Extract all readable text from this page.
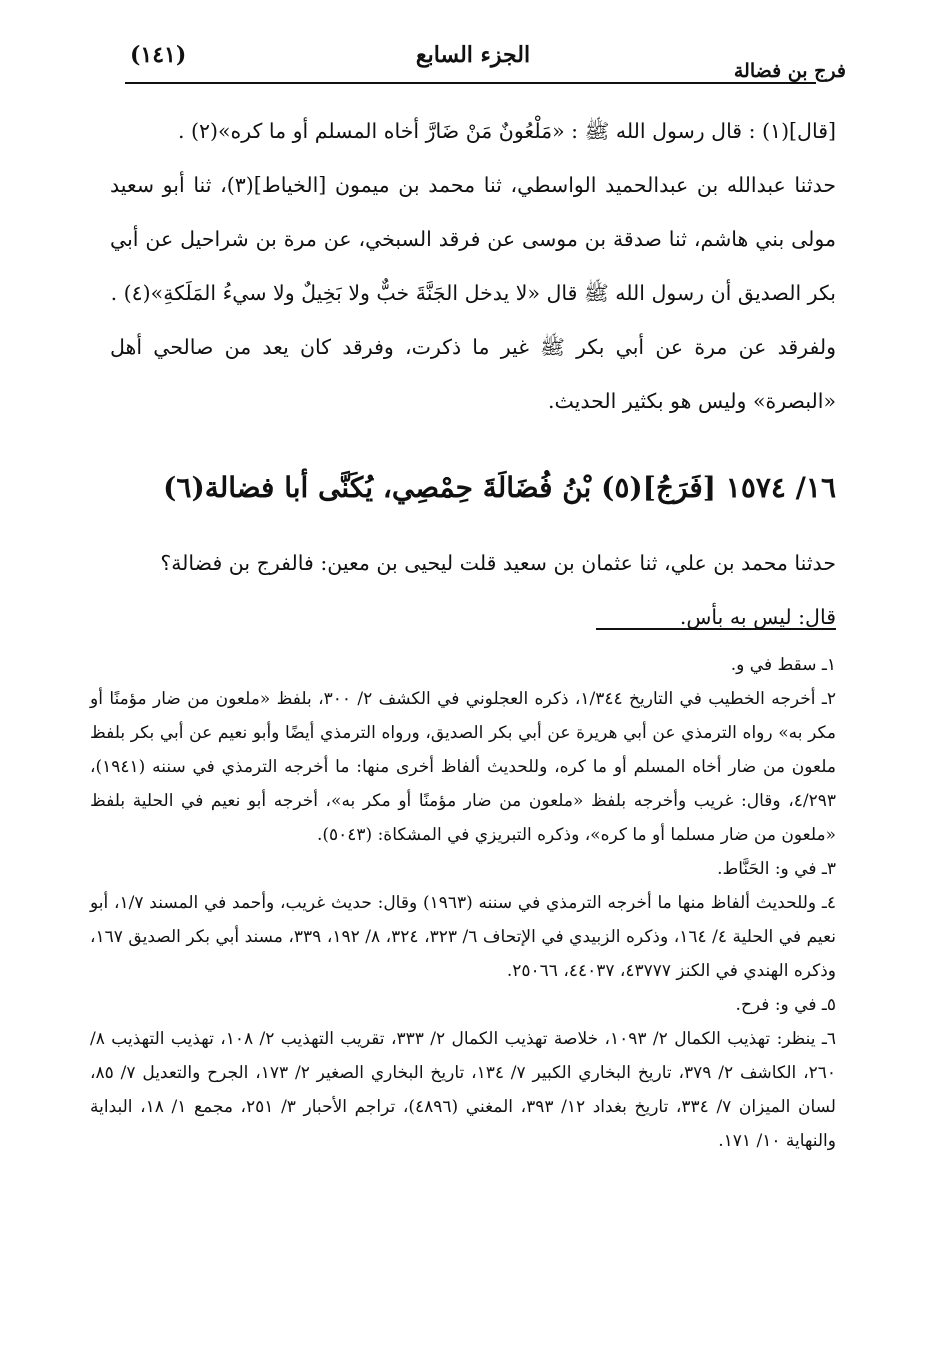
فرج بن فضالة
الجزء السابع
(١٤١)

[قال](١) : قال رسول الله ﷺ : «مَلْعُونٌ مَنْ ضَارَّ أخاه المسلم أو ما كره»(٢) .

حدثنا عبدالله بن عبدالحميد الواسطي، ثنا محمد بن ميمون [الخياط](٣)، ثنا أبو سعيد مولى بني هاشم، ثنا صدقة بن موسى عن فرقد السبخي، عن مرة بن شراحيل عن أبي بكر الصديق أن رسول الله ﷺ قال «لا يدخل الجَنَّةَ خبٌّ ولا بَخِيلٌ ولا سيءُ المَلَكةِ»(٤) .

ولفرقد عن مرة عن أبي بكر ﷺ غير ما ذكرت، وفرقد كان يعد من صالحي أهل «البصرة» وليس هو بكثير الحديث.

١٦/ ١٥٧٤ [فَرَجُ](٥) بْنُ فُضَالَةَ حِمْصِي، يُكَنَّى أبا فضالة(٦)

حدثنا محمد بن علي، ثنا عثمان بن سعيد قلت ليحيى بن معين: فالفرج بن فضالة؟

قال: ليس به بأس.

١ـ سقط في و.

٢ـ أخرجه الخطيب في التاريخ ١/٣٤٤، ذكره العجلوني في الكشف ٢/ ٣٠٠، بلفظ «ملعون من ضار مؤمنًا أو مكر به» رواه الترمذي عن أبي هريرة عن أبي بكر الصديق، ورواه الترمذي أيضًا وأبو نعيم عن أبي بكر بلفظ ملعون من ضار أخاه المسلم أو ما كره، وللحديث ألفاظ أخرى منها: ما أخرجه الترمذي في سننه (١٩٤١)، ٤/٢٩٣، وقال: غريب وأخرجه بلفظ «ملعون من ضار مؤمنًا أو مكر به»، أخرجه أبو نعيم في الحلية بلفظ «ملعون من ضار مسلما أو ما كره»، وذكره التبريزي في المشكاة: (٥٠٤٣).

٣ـ في و: الحَنَّاط.

٤ـ وللحديث ألفاظ منها ما أخرجه الترمذي في سننه (١٩٦٣) وقال: حديث غريب، وأحمد في المسند ١/٧، أبو نعيم في الحلية ٤/ ١٦٤، وذكره الزبيدي في الإتحاف ٦/ ٣٢٣، ٣٢٤، ٨/ ١٩٢، ٣٣٩، مسند أبي بكر الصديق ١٦٧، وذكره الهندي في الكنز ٤٣٧٧٧، ٤٤٠٣٧، ٢٥٠٦٦.

٥ـ في و: فرح.

٦ـ ينظر: تهذيب الكمال ٢/ ١٠٩٣، خلاصة تهذيب الكمال ٢/ ٣٣٣، تقريب التهذيب ٢/ ١٠٨، تهذيب التهذيب ٨/ ٢٦٠، الكاشف ٢/ ٣٧٩، تاريخ البخاري الكبير ٧/ ١٣٤، تاريخ البخاري الصغير ٢/ ١٧٣، الجرح والتعديل ٧/ ٨٥، لسان الميزان ٧/ ٣٣٤، تاريخ بغداد ١٢/ ٣٩٣، المغني (٤٨٩٦)، تراجم الأحبار ٣/ ٢٥١، مجمع ١/ ١٨، البداية والنهاية ١٠/ ١٧١.
